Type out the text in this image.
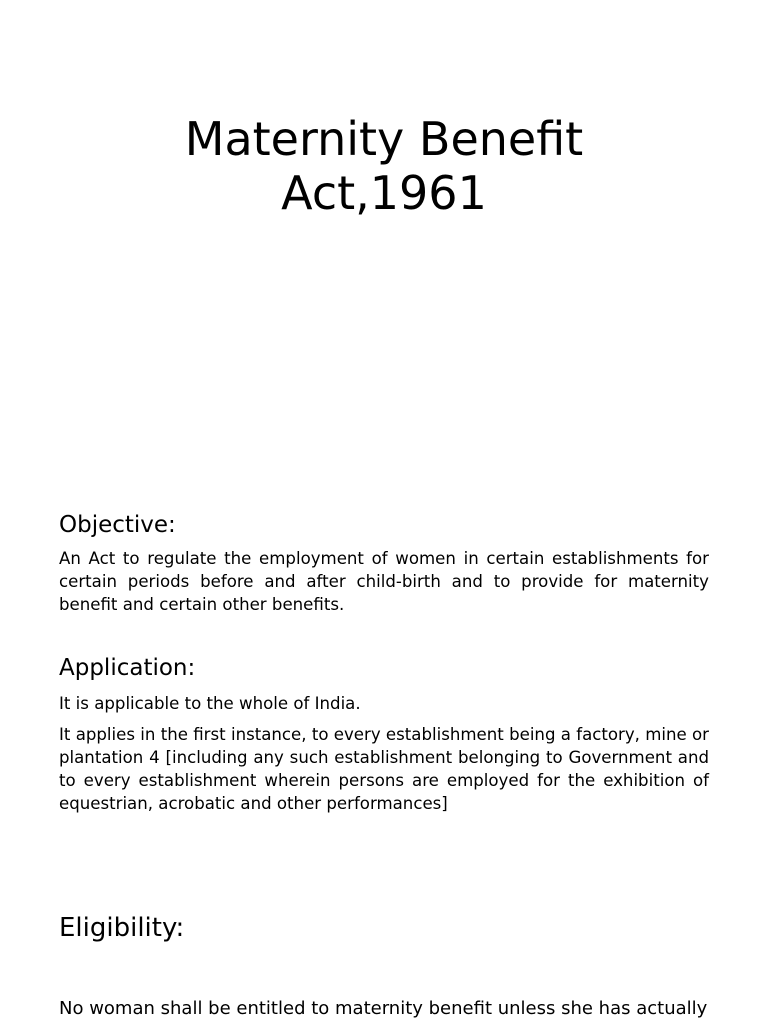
Maternity Benefit
Act,1961
Objective:

An Act to regulate the employment of women in certain establishments for certain periods before and after child-birth and to provide for maternity benefit and certain other benefits.

Application:

It is applicable to the whole of India.

It applies in the first instance, to every establishment being a factory, mine or plantation 4 [including any such establishment belonging to Government and to every establishment wherein persons are employed for the exhibition of equestrian, acrobatic and other performances]

Eligibility:

No woman shall be entitled to maternity benefit unless she has actually
